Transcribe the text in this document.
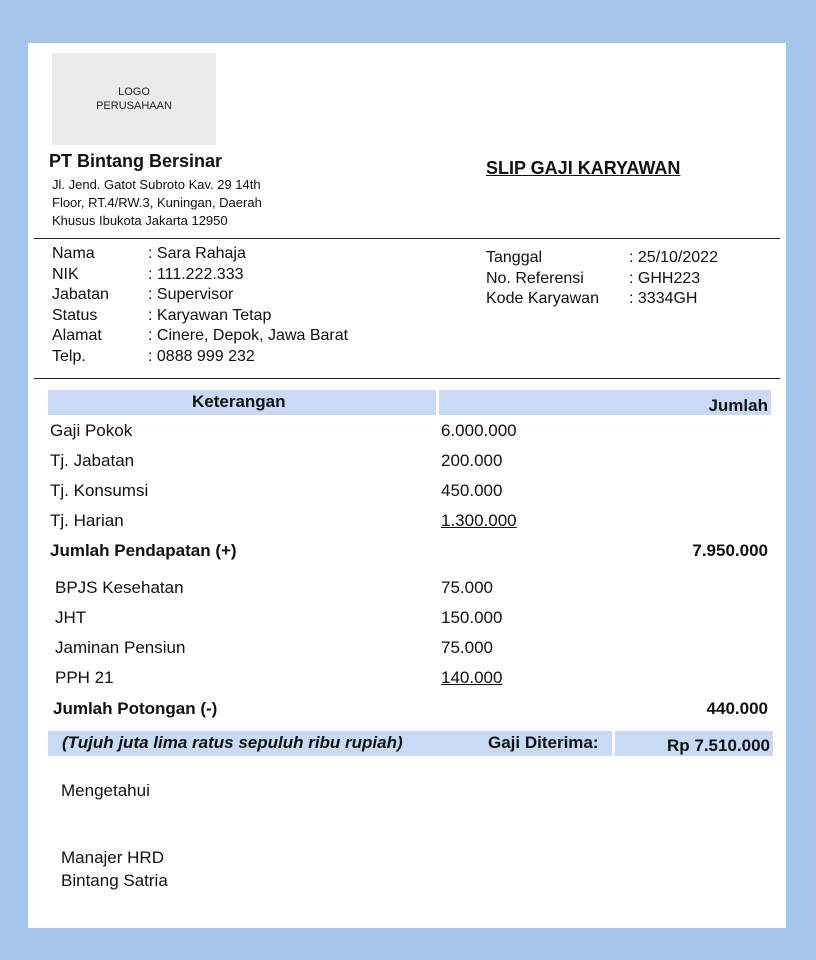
LOGO
PERUSAHAAN
PT Bintang Bersinar
Jl. Jend. Gatot Subroto Kav. 29 14th
Floor, RT.4/RW.3, Kuningan, Daerah
Khusus Ibukota Jakarta 12950
SLIP GAJI KARYAWAN
Nama	: Sara Rahaja
NIK	: 111.222.333
Jabatan	: Supervisor
Status	: Karyawan Tetap
Alamat	: Cinere, Depok, Jawa Barat
Telp.	: 0888 999 232
Tanggal	: 25/10/2022
No. Referensi	: GHH223
Kode Karyawan	: 3334GH
Keterangan	Jumlah
Gaji Pokok	6.000.000
Tj. Jabatan	200.000
Tj. Konsumsi	450.000
Tj. Harian	1.300.000
Jumlah Pendapatan (+)	7.950.000
BPJS Kesehatan	75.000
JHT	150.000
Jaminan Pensiun	75.000
PPH 21	140.000
Jumlah Potongan (-)	440.000
(Tujuh juta lima ratus sepuluh ribu rupiah)	Gaji Diterima:	Rp 7.510.000
Mengetahui
Manajer HRD
Bintang Satria
